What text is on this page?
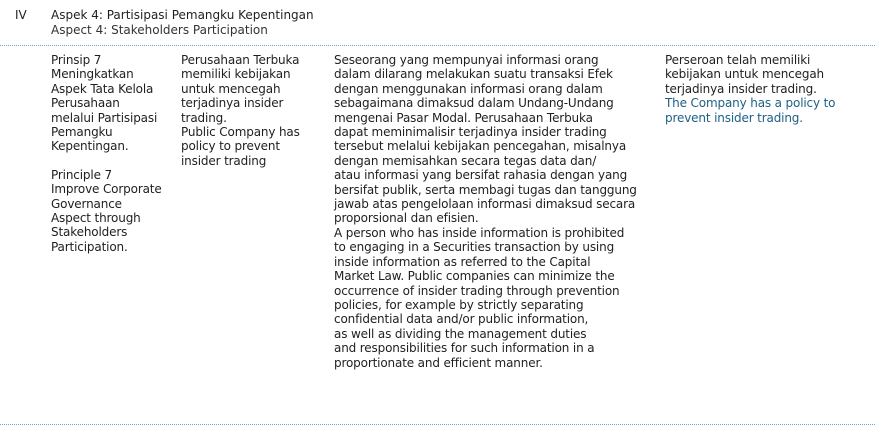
IV Aspek 4: Partisipasi Pemangku Kepentingan
Aspect 4: Stakeholders Participation
Prinsip 7
Meningkatkan
Aspek Tata Kelola
Perusahaan
melalui Partisipasi
Pemangku
Kepentingan.
Principle 7
Improve Corporate
Governance
Aspect through
Stakeholders
Participation.
Perusahaan Terbuka
memiliki kebijakan
untuk mencegah
terjadinya insider
trading.
Public Company has
policy to prevent
insider trading
Seseorang yang mempunyai informasi orang
dalam dilarang melakukan suatu transaksi Efek
dengan menggunakan informasi orang dalam
sebagaimana dimaksud dalam Undang-Undang
mengenai Pasar Modal. Perusahaan Terbuka
dapat meminimalisir terjadinya insider trading
tersebut melalui kebijakan pencegahan, misalnya
dengan memisahkan secara tegas data dan/
atau informasi yang bersifat rahasia dengan yang
bersifat publik, serta membagi tugas dan tanggung
jawab atas pengelolaan informasi dimaksud secara
proporsional dan efisien.
A person who has inside information is prohibited
to engaging in a Securities transaction by using
inside information as referred to the Capital
Market Law. Public companies can minimize the
occurrence of insider trading through prevention
policies, for example by strictly separating
confidential data and/or public information,
as well as dividing the management duties
and responsibilities for such information in a
proportionate and efficient manner.
Perseroan telah memiliki
kebijakan untuk mencegah
terjadinya insider trading.
The Company has a policy to
prevent insider trading.
